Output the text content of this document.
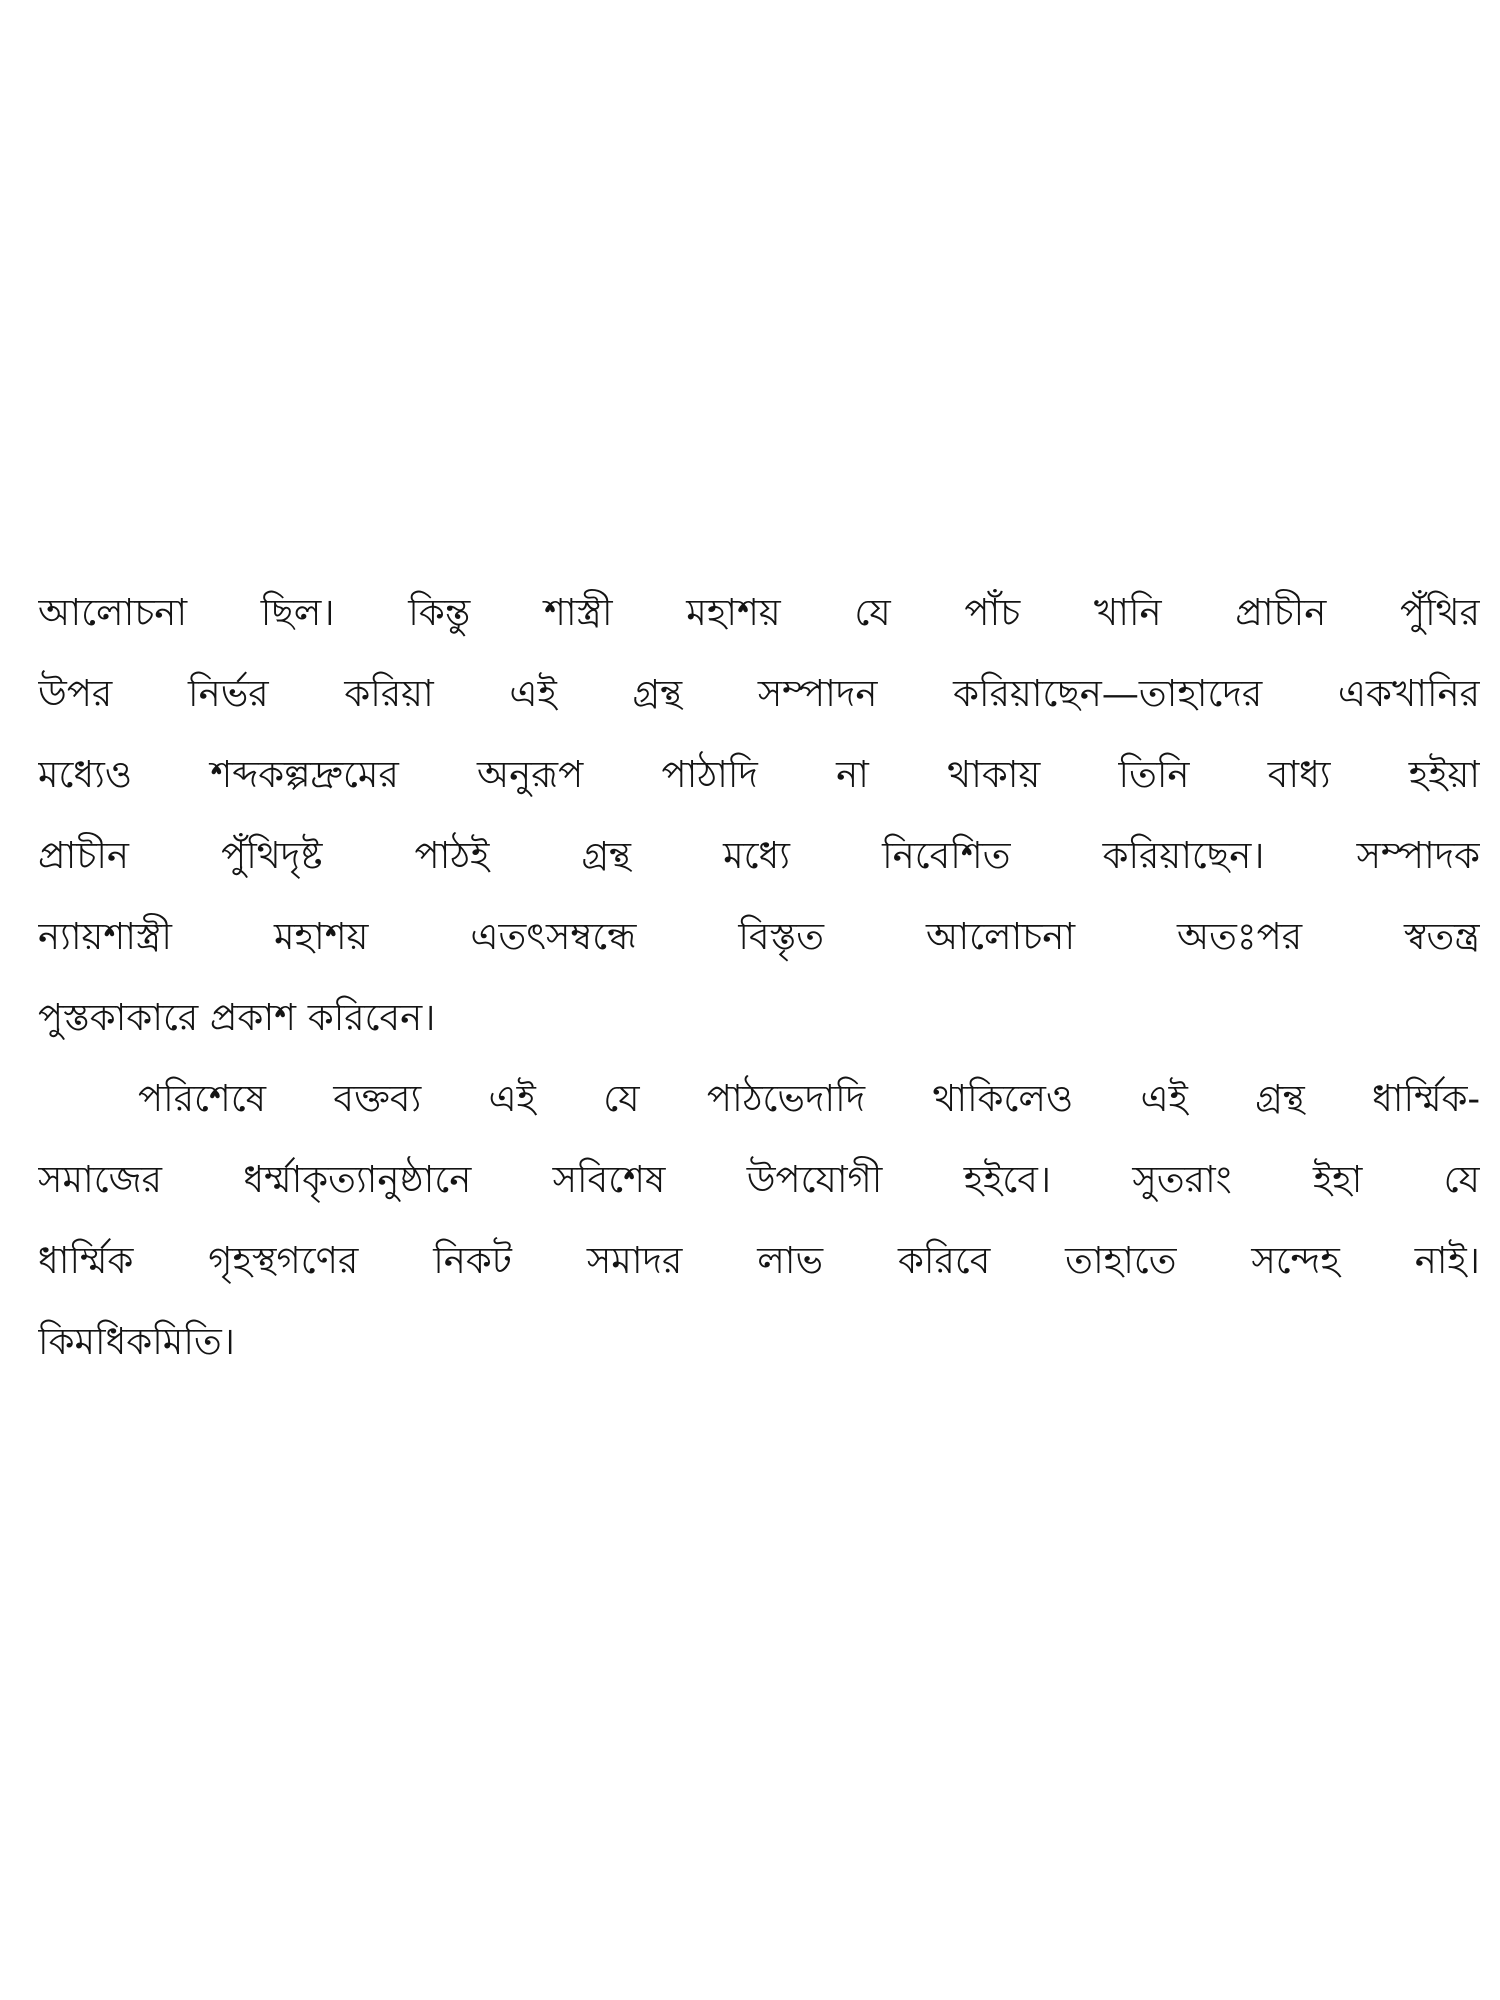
আলোচনা ছিল। কিন্তু শাস্ত্রী মহাশয় যে পাঁচ খানি প্রাচীন পুঁথির
উপর নির্ভর করিয়া এই গ্রন্থ সম্পাদন করিয়াছেন—তাহাদের একখানির
মধ্যেও শব্দকল্পদ্রুমের অনুরূপ পাঠাদি না থাকায় তিনি বাধ্য হইয়া
প্রাচীন পুঁথিদৃষ্ট পাঠই গ্রন্থ মধ্যে নিবেশিত করিয়াছেন। সম্পাদক
ন্যায়শাস্ত্রী মহাশয় এতৎসম্বন্ধে বিস্তৃত আলোচনা অতঃপর স্বতন্ত্র
পুস্তকাকারে প্রকাশ করিবেন।
পরিশেষে বক্তব্য এই যে পাঠভেদাদি থাকিলেও এই গ্রন্থ ধার্ম্মিক-
সমাজের ধর্ম্মাকৃত্যানুষ্ঠানে সবিশেষ উপযোগী হইবে। সুতরাং ইহা যে
ধার্ম্মিক গৃহস্থগণের নিকট সমাদর লাভ করিবে তাহাতে সন্দেহ নাই।
কিমধিকমিতি।
